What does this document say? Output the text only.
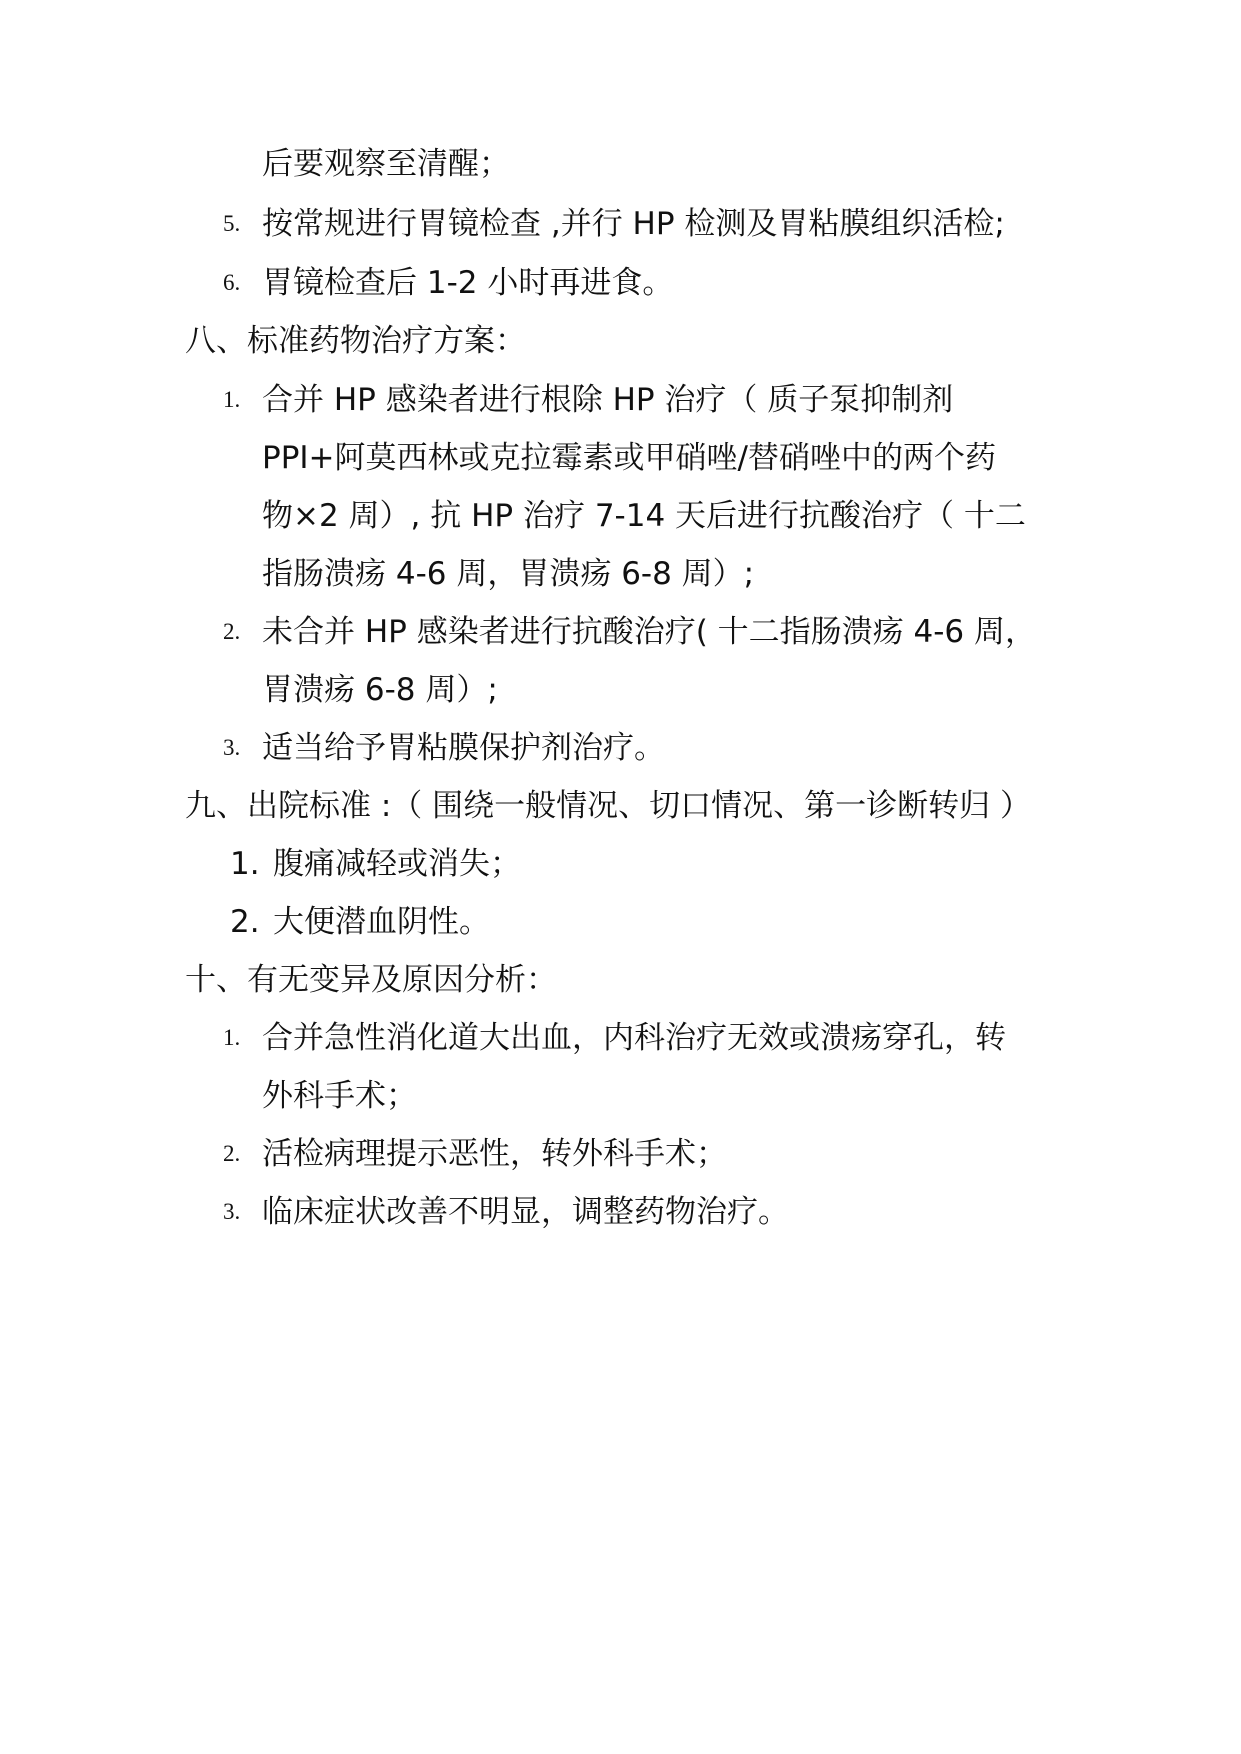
后要观察至清醒；
5. 按常规进行胃镜检查 ,并行 HP 检测及胃粘膜组织活检;
6. 胃镜检查后 1-2 小时再进食。
八、标准药物治疗方案：
1. 合并 HP 感染者进行根除 HP 治疗（ 质子泵抑制剂
PPI+阿莫西林或克拉霉素或甲硝唑/替硝唑中的两个药
物×2 周）, 抗 HP 治疗 7-14 天后进行抗酸治疗（ 十二
指肠溃疡 4-6 周，胃溃疡 6-8 周）;
2. 未合并 HP 感染者进行抗酸治疗( 十二指肠溃疡 4-6 周，
胃溃疡 6-8 周）;
3. 适当给予胃粘膜保护剂治疗。
九、出院标准 :（ 围绕一般情况、切口情况、第一诊断转归 ）
1. 腹痛减轻或消失；
2. 大便潜血阴性。
十、有无变异及原因分析：
1. 合并急性消化道大出血，内科治疗无效或溃疡穿孔，转
外科手术；
2. 活检病理提示恶性，转外科手术；
3. 临床症状改善不明显，调整药物治疗。
